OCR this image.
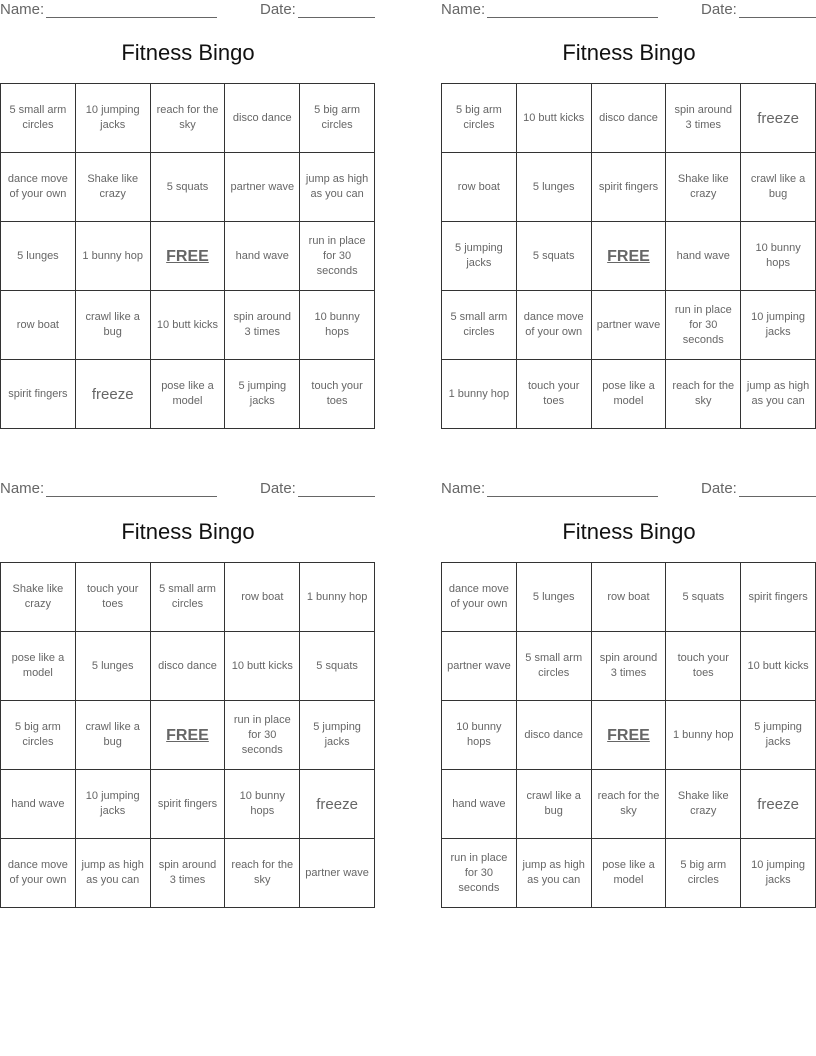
Name:	Date:
Fitness Bingo
5 small arm circles	10 jumping jacks	reach for the sky	disco dance	5 big arm circles
dance move of your own	Shake like crazy	5 squats	partner wave	jump as high as you can
5 lunges	1 bunny hop	FREE	hand wave	run in place for 30 seconds
row boat	crawl like a bug	10 butt kicks	spin around 3 times	10 bunny hops
spirit fingers	freeze	pose like a model	5 jumping jacks	touch your toes
Name:	Date:
Fitness Bingo
5 big arm circles	10 butt kicks	disco dance	spin around 3 times	freeze
row boat	5 lunges	spirit fingers	Shake like crazy	crawl like a bug
5 jumping jacks	5 squats	FREE	hand wave	10 bunny hops
5 small arm circles	dance move of your own	partner wave	run in place for 30 seconds	10 jumping jacks
1 bunny hop	touch your toes	pose like a model	reach for the sky	jump as high as you can
Name:	Date:
Fitness Bingo
Shake like crazy	touch your toes	5 small arm circles	row boat	1 bunny hop
pose like a model	5 lunges	disco dance	10 butt kicks	5 squats
5 big arm circles	crawl like a bug	FREE	run in place for 30 seconds	5 jumping jacks
hand wave	10 jumping jacks	spirit fingers	10 bunny hops	freeze
dance move of your own	jump as high as you can	spin around 3 times	reach for the sky	partner wave
Name:	Date:
Fitness Bingo
dance move of your own	5 lunges	row boat	5 squats	spirit fingers
partner wave	5 small arm circles	spin around 3 times	touch your toes	10 butt kicks
10 bunny hops	disco dance	FREE	1 bunny hop	5 jumping jacks
hand wave	crawl like a bug	reach for the sky	Shake like crazy	freeze
run in place for 30 seconds	jump as high as you can	pose like a model	5 big arm circles	10 jumping jacks
